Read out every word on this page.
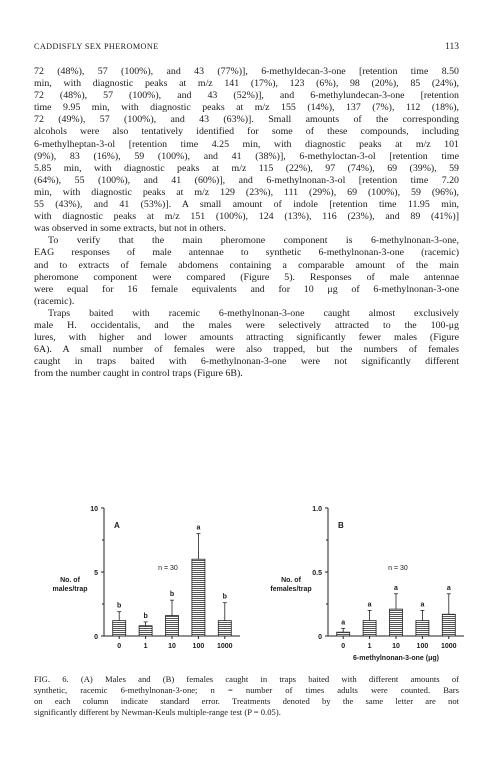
CADDISFLY SEX PHEROMONE	113
72 (48%), 57 (100%), and 43 (77%)], 6-methyldecan-3-one [retention time 8.50
min, with diagnostic peaks at m/z 141 (17%), 123 (6%), 98 (20%), 85 (24%),
72 (48%), 57 (100%), and 43 (52%)], and 6-methylundecan-3-one [retention
time 9.95 min, with diagnostic peaks at m/z 155 (14%), 137 (7%), 112 (18%),
72 (49%), 57 (100%), and 43 (63%)]. Small amounts of the corresponding
alcohols were also tentatively identified for some of these compounds, including
6-methylheptan-3-ol [retention time 4.25 min, with diagnostic peaks at m/z 101
(9%), 83 (16%), 59 (100%), and 41 (38%)], 6-methyloctan-3-ol [retention time
5.85 min, with diagnostic peaks at m/z 115 (22%), 97 (74%), 69 (39%), 59
(64%), 55 (100%), and 41 (60%)], and 6-methylnonan-3-ol [retention time 7.20
min, with diagnostic peaks at m/z 129 (23%), 111 (29%), 69 (100%), 59 (96%),
55 (43%), and 41 (53%)]. A small amount of indole [retention time 11.95 min,
with diagnostic peaks at m/z 151 (100%), 124 (13%), 116 (23%), and 89 (41%)]
was observed in some extracts, but not in others.
To verify that the main pheromone component is 6-methylnonan-3-one,
EAG responses of male antennae to synthetic 6-methylnonan-3-one (racemic)
and to extracts of female abdomens containing a comparable amount of the main
pheromone component were compared (Figure 5). Responses of male antennae
were equal for 16 female equivalents and for 10 μg of 6-methylnonan-3-one
(racemic).
Traps baited with racemic 6-methylnonan-3-one caught almost exclusively
male H. occidentalis, and the males were selectively attracted to the 100-μg
lures, with higher and lower amounts attracting significantly fewer males (Figure
6A). A small number of females were also trapped, but the numbers of females
caught in traps baited with 6-methylnonan-3-one were not significantly different
from the number caught in control traps (Figure 6B).
0
5
10
A
n = 30
No. of
males/trap
b
0
b
1
b
10
a
100
b
1000
0
0.5
1.0
B
n = 30
No. of
females/trap
a
0
a
1
a
10
a
100
a
1000
6-methylnonan-3-one (μg)
FIG. 6. (A) Males and (B) females caught in traps baited with different amounts of
synthetic, racemic 6-methylnonan-3-one; n = number of times adults were counted. Bars
on each column indicate standard error. Treatments denoted by the same letter are not
significantly different by Newman-Keuls multiple-range test (P = 0.05).
